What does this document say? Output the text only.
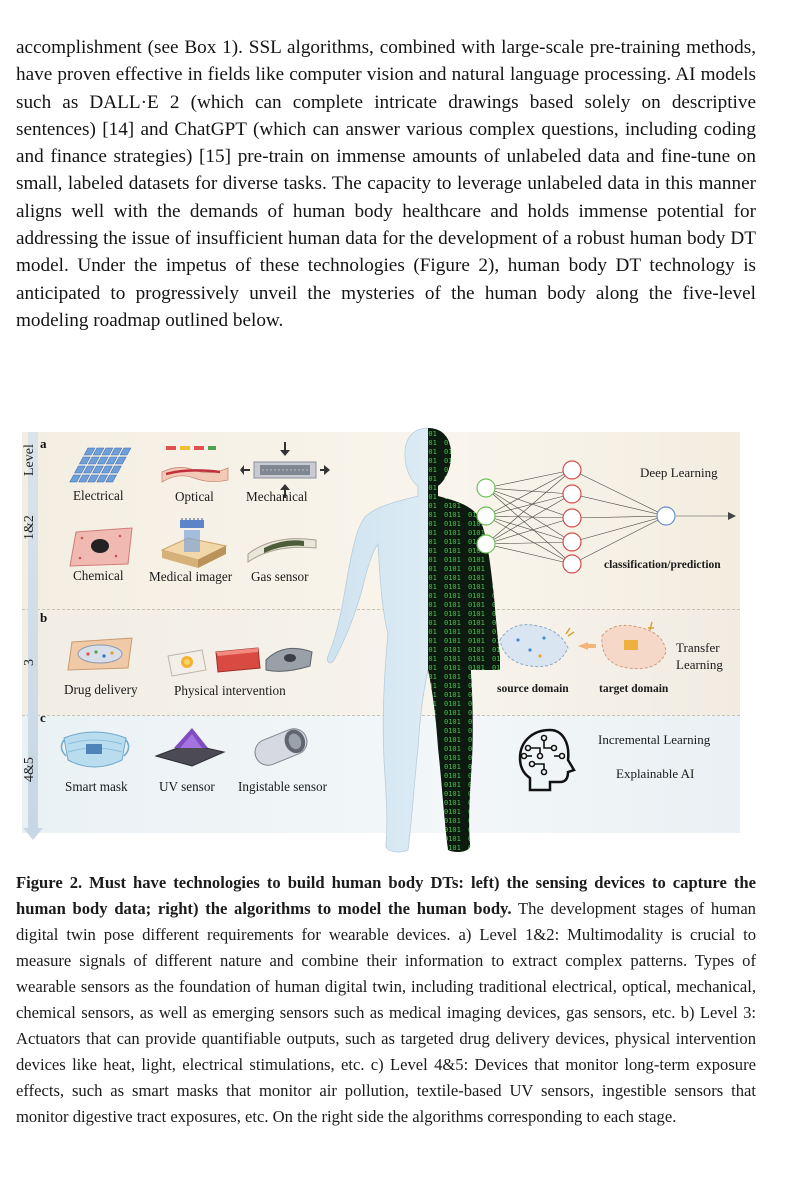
accomplishment (see Box 1). SSL algorithms, combined with large-scale pre-training methods, have proven effective in fields like computer vision and natural language processing. AI models such as DALL·E 2 (which can complete intricate drawings based solely on descriptive sentences) [14] and ChatGPT (which can answer various complex questions, including coding and finance strategies) [15] pre-train on immense amounts of unlabeled data and fine-tune on small, labeled datasets for diverse tasks. The capacity to leverage unlabeled data in this manner aligns well with the demands of human body healthcare and holds immense potential for addressing the issue of insufficient human data for the development of a robust human body DT model. Under the impetus of these technologies (Figure 2), human body DT technology is anticipated to progressively unveil the mysteries of the human body along the five-level modeling roadmap outlined below.

Level
1&2
3
4&5
a
b
c
Electrical	Optical Mechanical
Chemical Medical imager Gas sensor
Drug delivery	Physical intervention
Smart mask UV sensor Ingistable sensor
Deep Learning
classification/prediction
Transfer
Learning
source domain	target domain
Incremental Learning
Explainable AI

Figure 2. Must have technologies to build human body DTs: left) the sensing devices to capture the human body data; right) the algorithms to model the human body. The development stages of human digital twin pose different requirements for wearable devices. a) Level 1&2: Multimodality is crucial to measure signals of different nature and combine their information to extract complex patterns. Types of wearable sensors as the foundation of human digital twin, including traditional electrical, optical, mechanical, chemical sensors, as well as emerging sensors such as medical imaging devices, gas sensors, etc. b) Level 3: Actuators that can provide quantifiable outputs, such as targeted drug delivery devices, physical intervention devices like heat, light, electrical stimulations, etc. c) Level 4&5: Devices that monitor long-term exposure effects, such as smart masks that monitor air pollution, textile-based UV sensors, ingestible sensors that monitor digestive tract exposures, etc. On the right side the algorithms corresponding to each stage.
